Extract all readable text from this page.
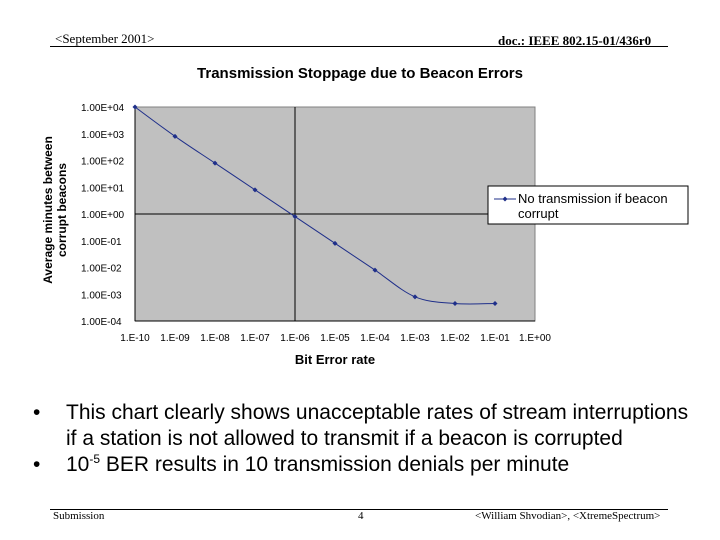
<September 2001>	doc.: IEEE 802.15-01/436r0
Transmission Stoppage due to Beacon Errors
1.00E+04
1.00E+03
1.00E+02
1.00E+01
1.00E+00
1.00E-01
1.00E-02
1.00E-03
1.00E-04
1.E-10 1.E-09 1.E-08 1.E-07 1.E-06 1.E-05 1.E-04 1.E-03 1.E-02 1.E-01 1.E+00
Bit Error rate
Average minutes between corrupt beacons	No transmission if beacon corrupt
•	This chart clearly shows unacceptable rates of stream interruptions if a station is not allowed to transmit if a beacon is corrupted
•	$10^{-5}$ BER results in 10 transmission denials per minute
Submission	4	<William Shvodian>, <XtremeSpectrum>
